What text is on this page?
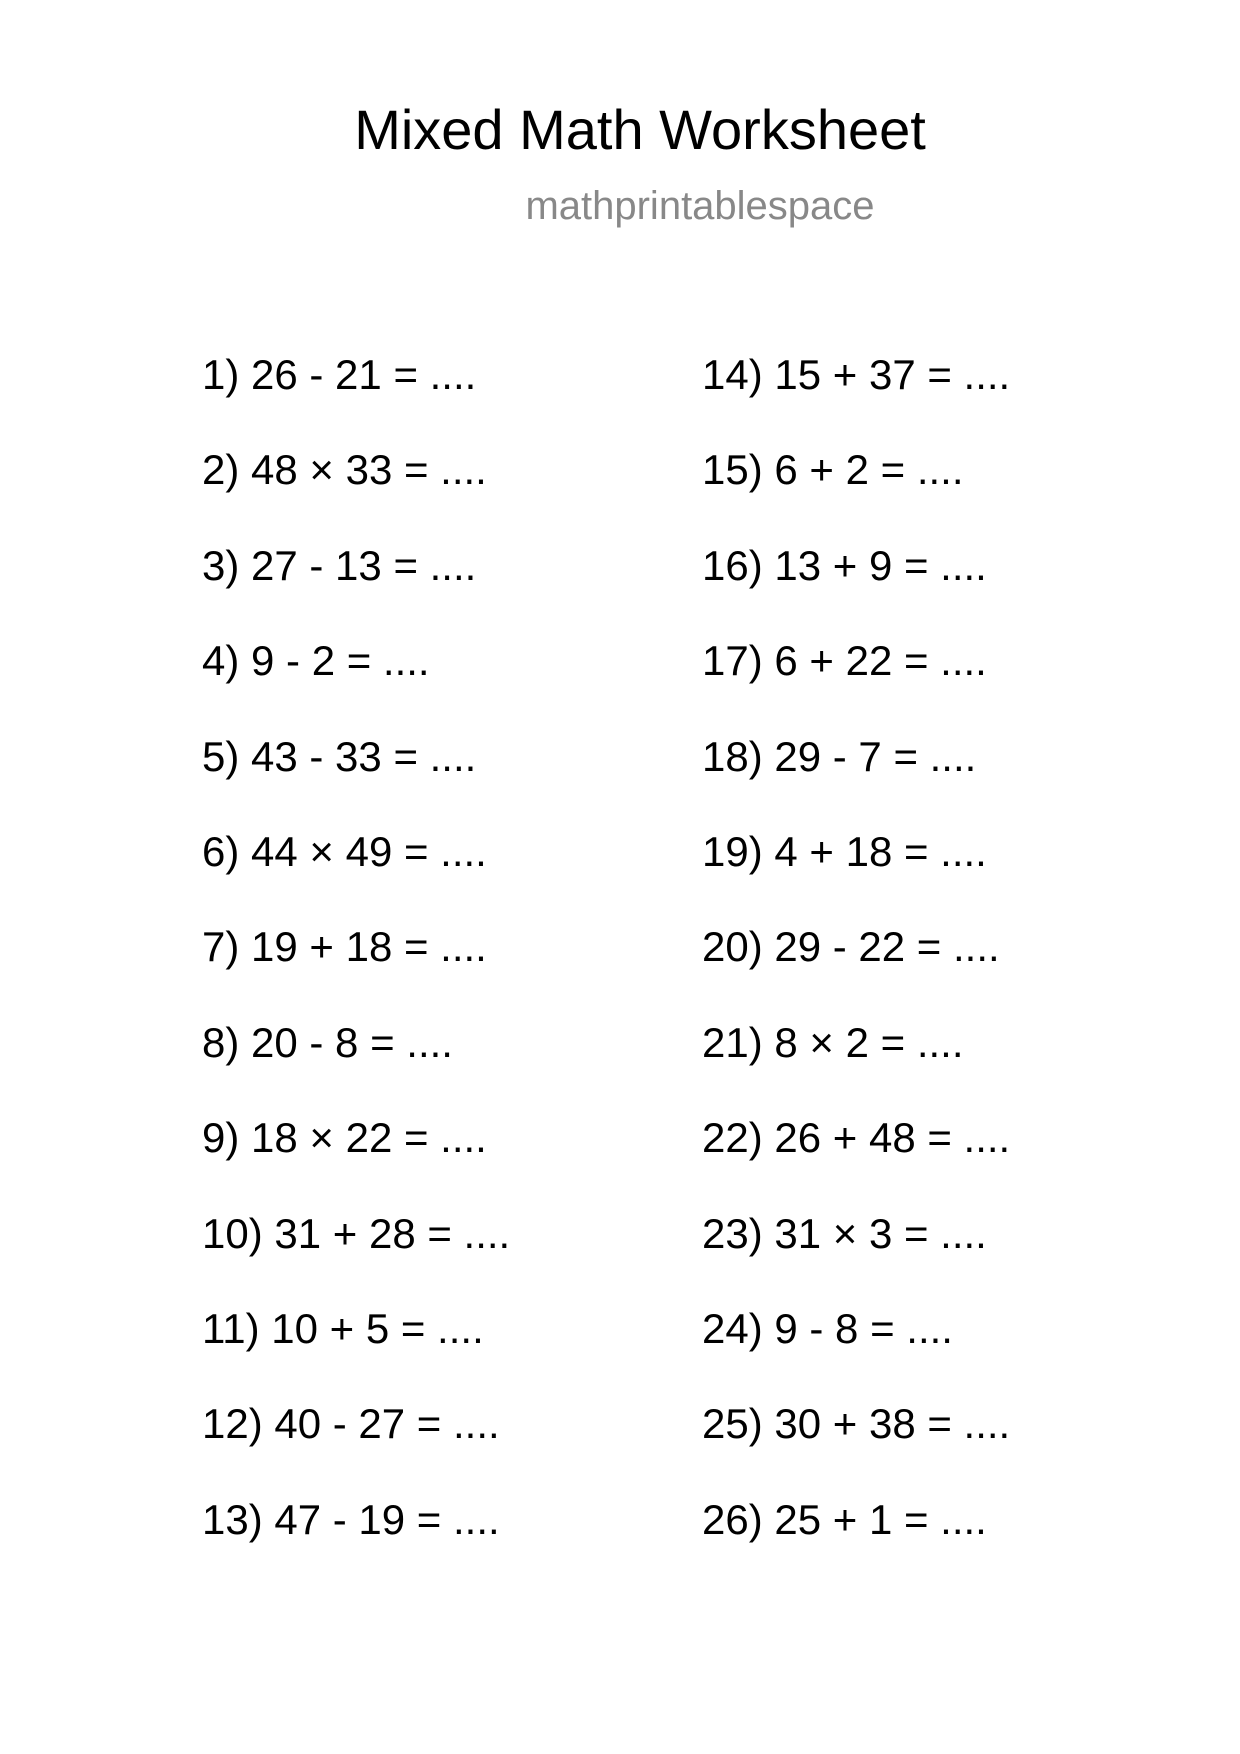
Mixed Math Worksheet
mathprintablespace
1) 26 - 21 = ....
2) 48 × 33 = ....
3) 27 - 13 = ....
4) 9 - 2 = ....
5) 43 - 33 = ....
6) 44 × 49 = ....
7) 19 + 18 = ....
8) 20 - 8 = ....
9) 18 × 22 = ....
10) 31 + 28 = ....
11) 10 + 5 = ....
12) 40 - 27 = ....
13) 47 - 19 = ....
14) 15 + 37 = ....
15) 6 + 2 = ....
16) 13 + 9 = ....
17) 6 + 22 = ....
18) 29 - 7 = ....
19) 4 + 18 = ....
20) 29 - 22 = ....
21) 8 × 2 = ....
22) 26 + 48 = ....
23) 31 × 3 = ....
24) 9 - 8 = ....
25) 30 + 38 = ....
26) 25 + 1 = ....
